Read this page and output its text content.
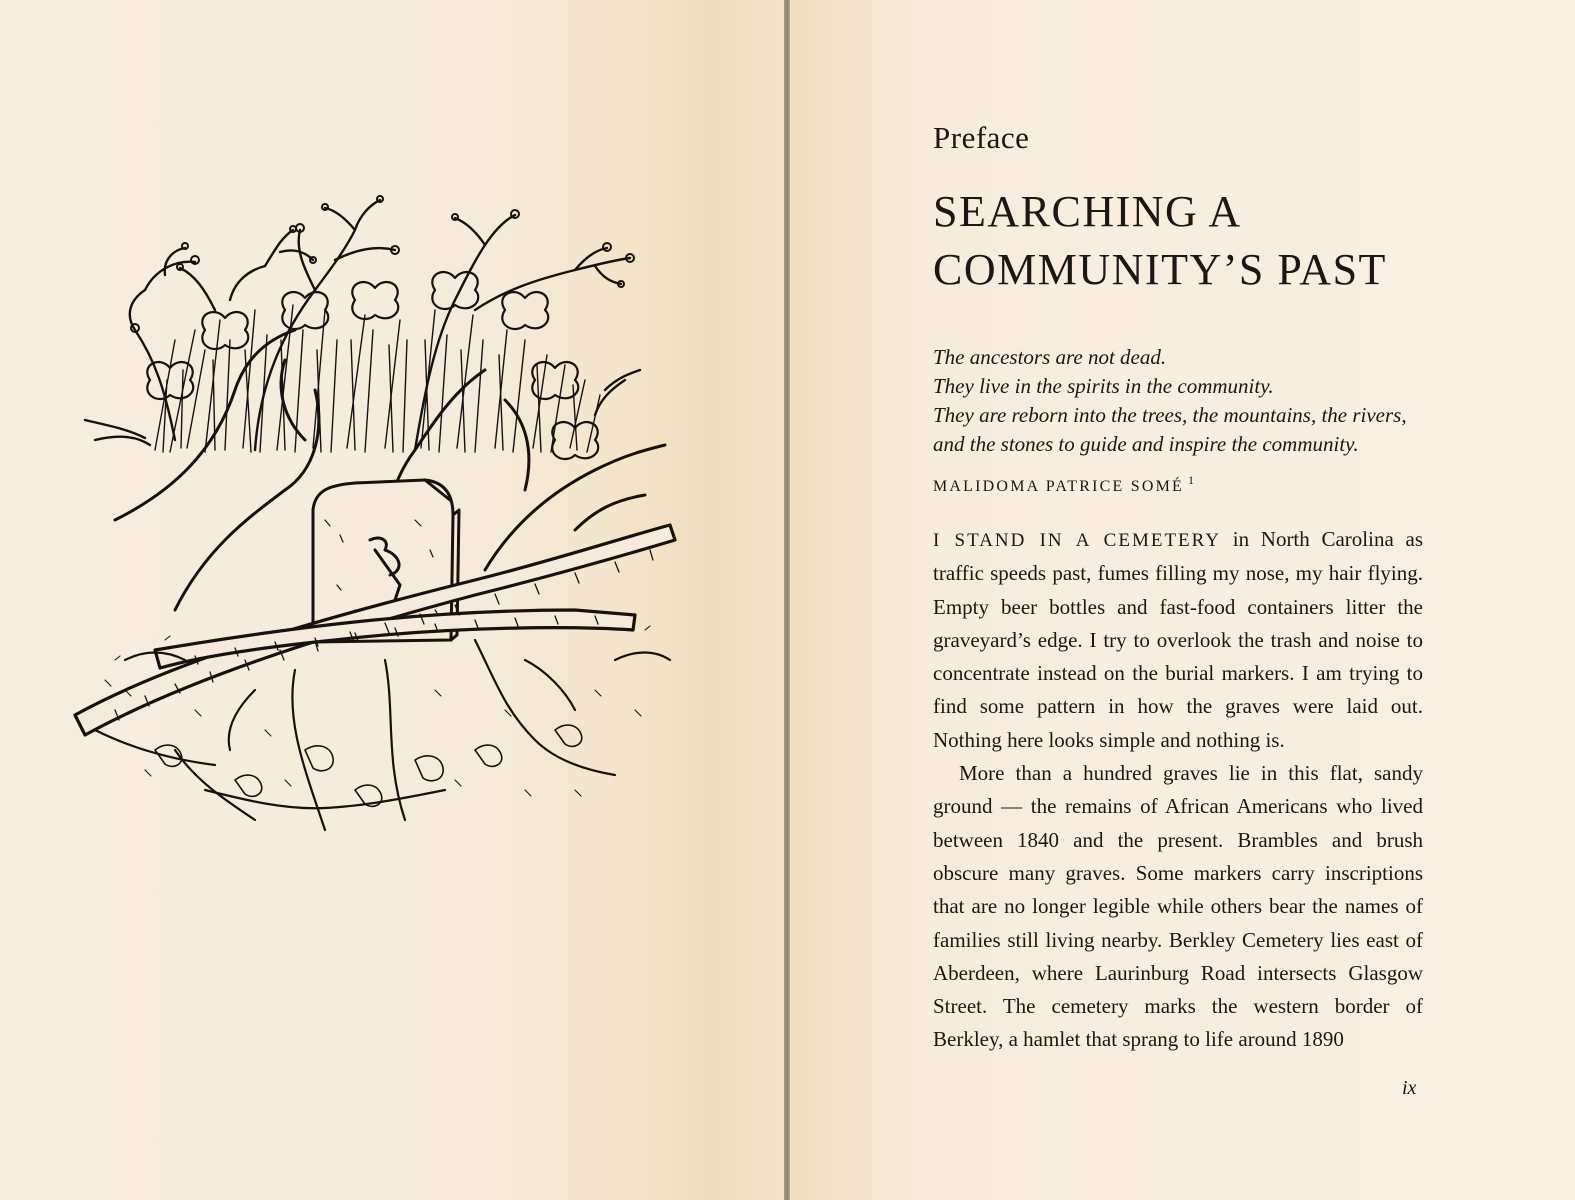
Preface
SEARCHING A
COMMUNITY’S PAST
The ancestors are not dead.
They live in the spirits in the community.
They are reborn into the trees, the mountains, the rivers,
and the stones to guide and inspire the community.
MALIDOMA PATRICE SOMÉ $^1$

I STAND IN A CEMETERY in North Carolina as traffic speeds past, fumes filling my nose, my hair flying. Empty beer bottles and fast-food containers litter the graveyard’s edge. I try to overlook the trash and noise to concentrate instead on the burial markers. I am trying to find some pattern in how the graves were laid out. Nothing here looks simple and nothing is.

More than a hundred graves lie in this flat, sandy ground — the remains of African Americans who lived between 1840 and the present. Brambles and brush obscure many graves. Some markers carry inscriptions that are no longer legible while others bear the names of families still living nearby. Berkley Cemetery lies east of Aberdeen, where Laurinburg Road intersects Glasgow Street. The cemetery marks the western border of Berkley, a hamlet that sprang to life around 1890

ix
